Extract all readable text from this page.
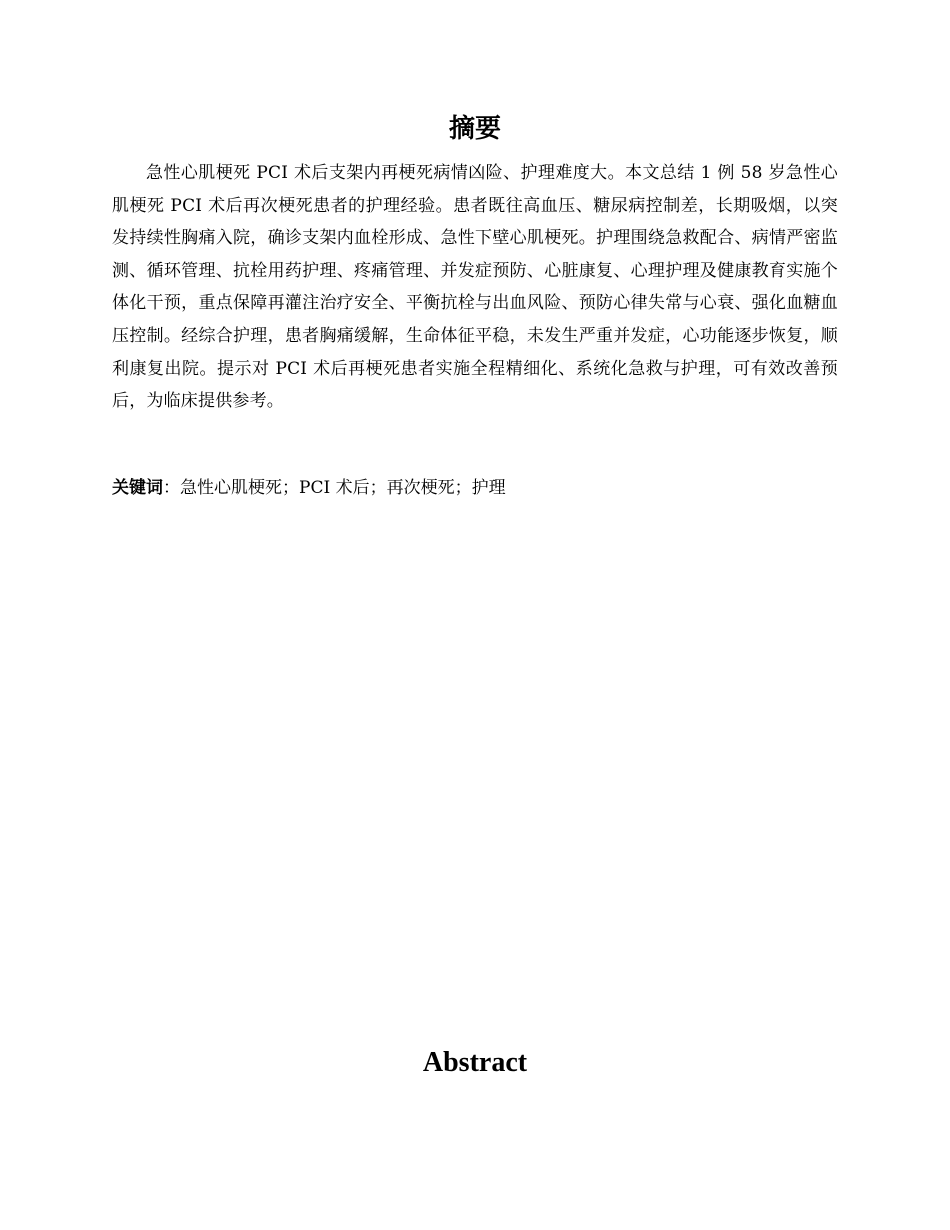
摘要

急性心肌梗死 PCI 术后支架内再梗死病情凶险、护理难度大。本文总结 1 例 58 岁急性心肌梗死 PCI 术后再次梗死患者的护理经验。患者既往高血压、糖尿病控制差，长期吸烟，以突发持续性胸痛入院，确诊支架内血栓形成、急性下壁心肌梗死。护理围绕急救配合、病情严密监测、循环管理、抗栓用药护理、疼痛管理、并发症预防、心脏康复、心理护理及健康教育实施个体化干预，重点保障再灌注治疗安全、平衡抗栓与出血风险、预防心律失常与心衰、强化血糖血压控制。经综合护理，患者胸痛缓解，生命体征平稳，未发生严重并发症，心功能逐步恢复，顺利康复出院。提示对 PCI 术后再梗死患者实施全程精细化、系统化急救与护理，可有效改善预后，为临床提供参考。

关键词：急性心肌梗死；PCI 术后；再次梗死；护理

Abstract
